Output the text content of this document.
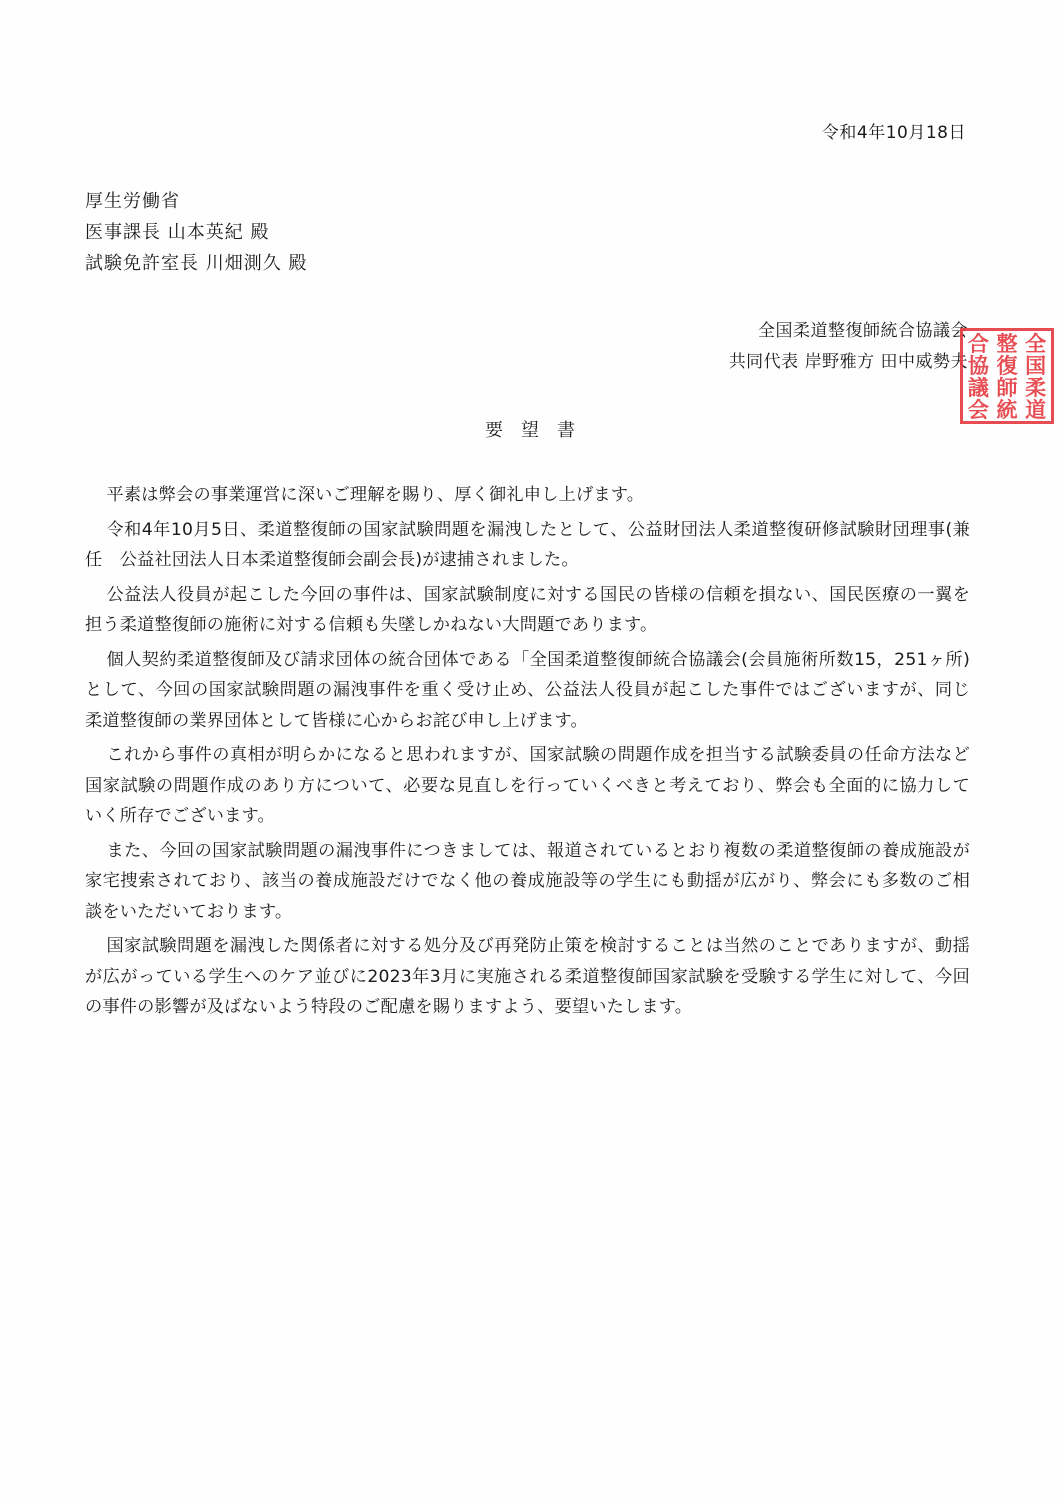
令和4年10月18日
厚生労働省
医事課長 山本英紀 殿
試験免許室長 川畑測久 殿
全国柔道整復師統合協議会
共同代表 岸野雅方 田中威勢夫
全
国
柔
道
整
復
師
統
合
協
議
会
要望書

平素は弊会の事業運営に深いご理解を賜り、厚く御礼申し上げます。

令和4年10月5日、柔道整復師の国家試験問題を漏洩したとして、公益財団法人柔道整復研修試験財団理事(兼任　公益社団法人日本柔道整復師会副会長)が逮捕されました。

公益法人役員が起こした今回の事件は、国家試験制度に対する国民の皆様の信頼を損ない、国民医療の一翼を担う柔道整復師の施術に対する信頼も失墜しかねない大問題であります。

個人契約柔道整復師及び請求団体の統合団体である「全国柔道整復師統合協議会(会員施術所数15，251ヶ所)として、今回の国家試験問題の漏洩事件を重く受け止め、公益法人役員が起こした事件ではございますが、同じ柔道整復師の業界団体として皆様に心からお詫び申し上げます。

これから事件の真相が明らかになると思われますが、国家試験の問題作成を担当する試験委員の任命方法など国家試験の問題作成のあり方について、必要な見直しを行っていくべきと考えており、弊会も全面的に協力していく所存でございます。

また、今回の国家試験問題の漏洩事件につきましては、報道されているとおり複数の柔道整復師の養成施設が家宅捜索されており、該当の養成施設だけでなく他の養成施設等の学生にも動揺が広がり、弊会にも多数のご相談をいただいております。

国家試験問題を漏洩した関係者に対する処分及び再発防止策を検討することは当然のことでありますが、動揺が広がっている学生へのケア並びに2023年3月に実施される柔道整復師国家試験を受験する学生に対して、今回の事件の影響が及ばないよう特段のご配慮を賜りますよう、要望いたします。
